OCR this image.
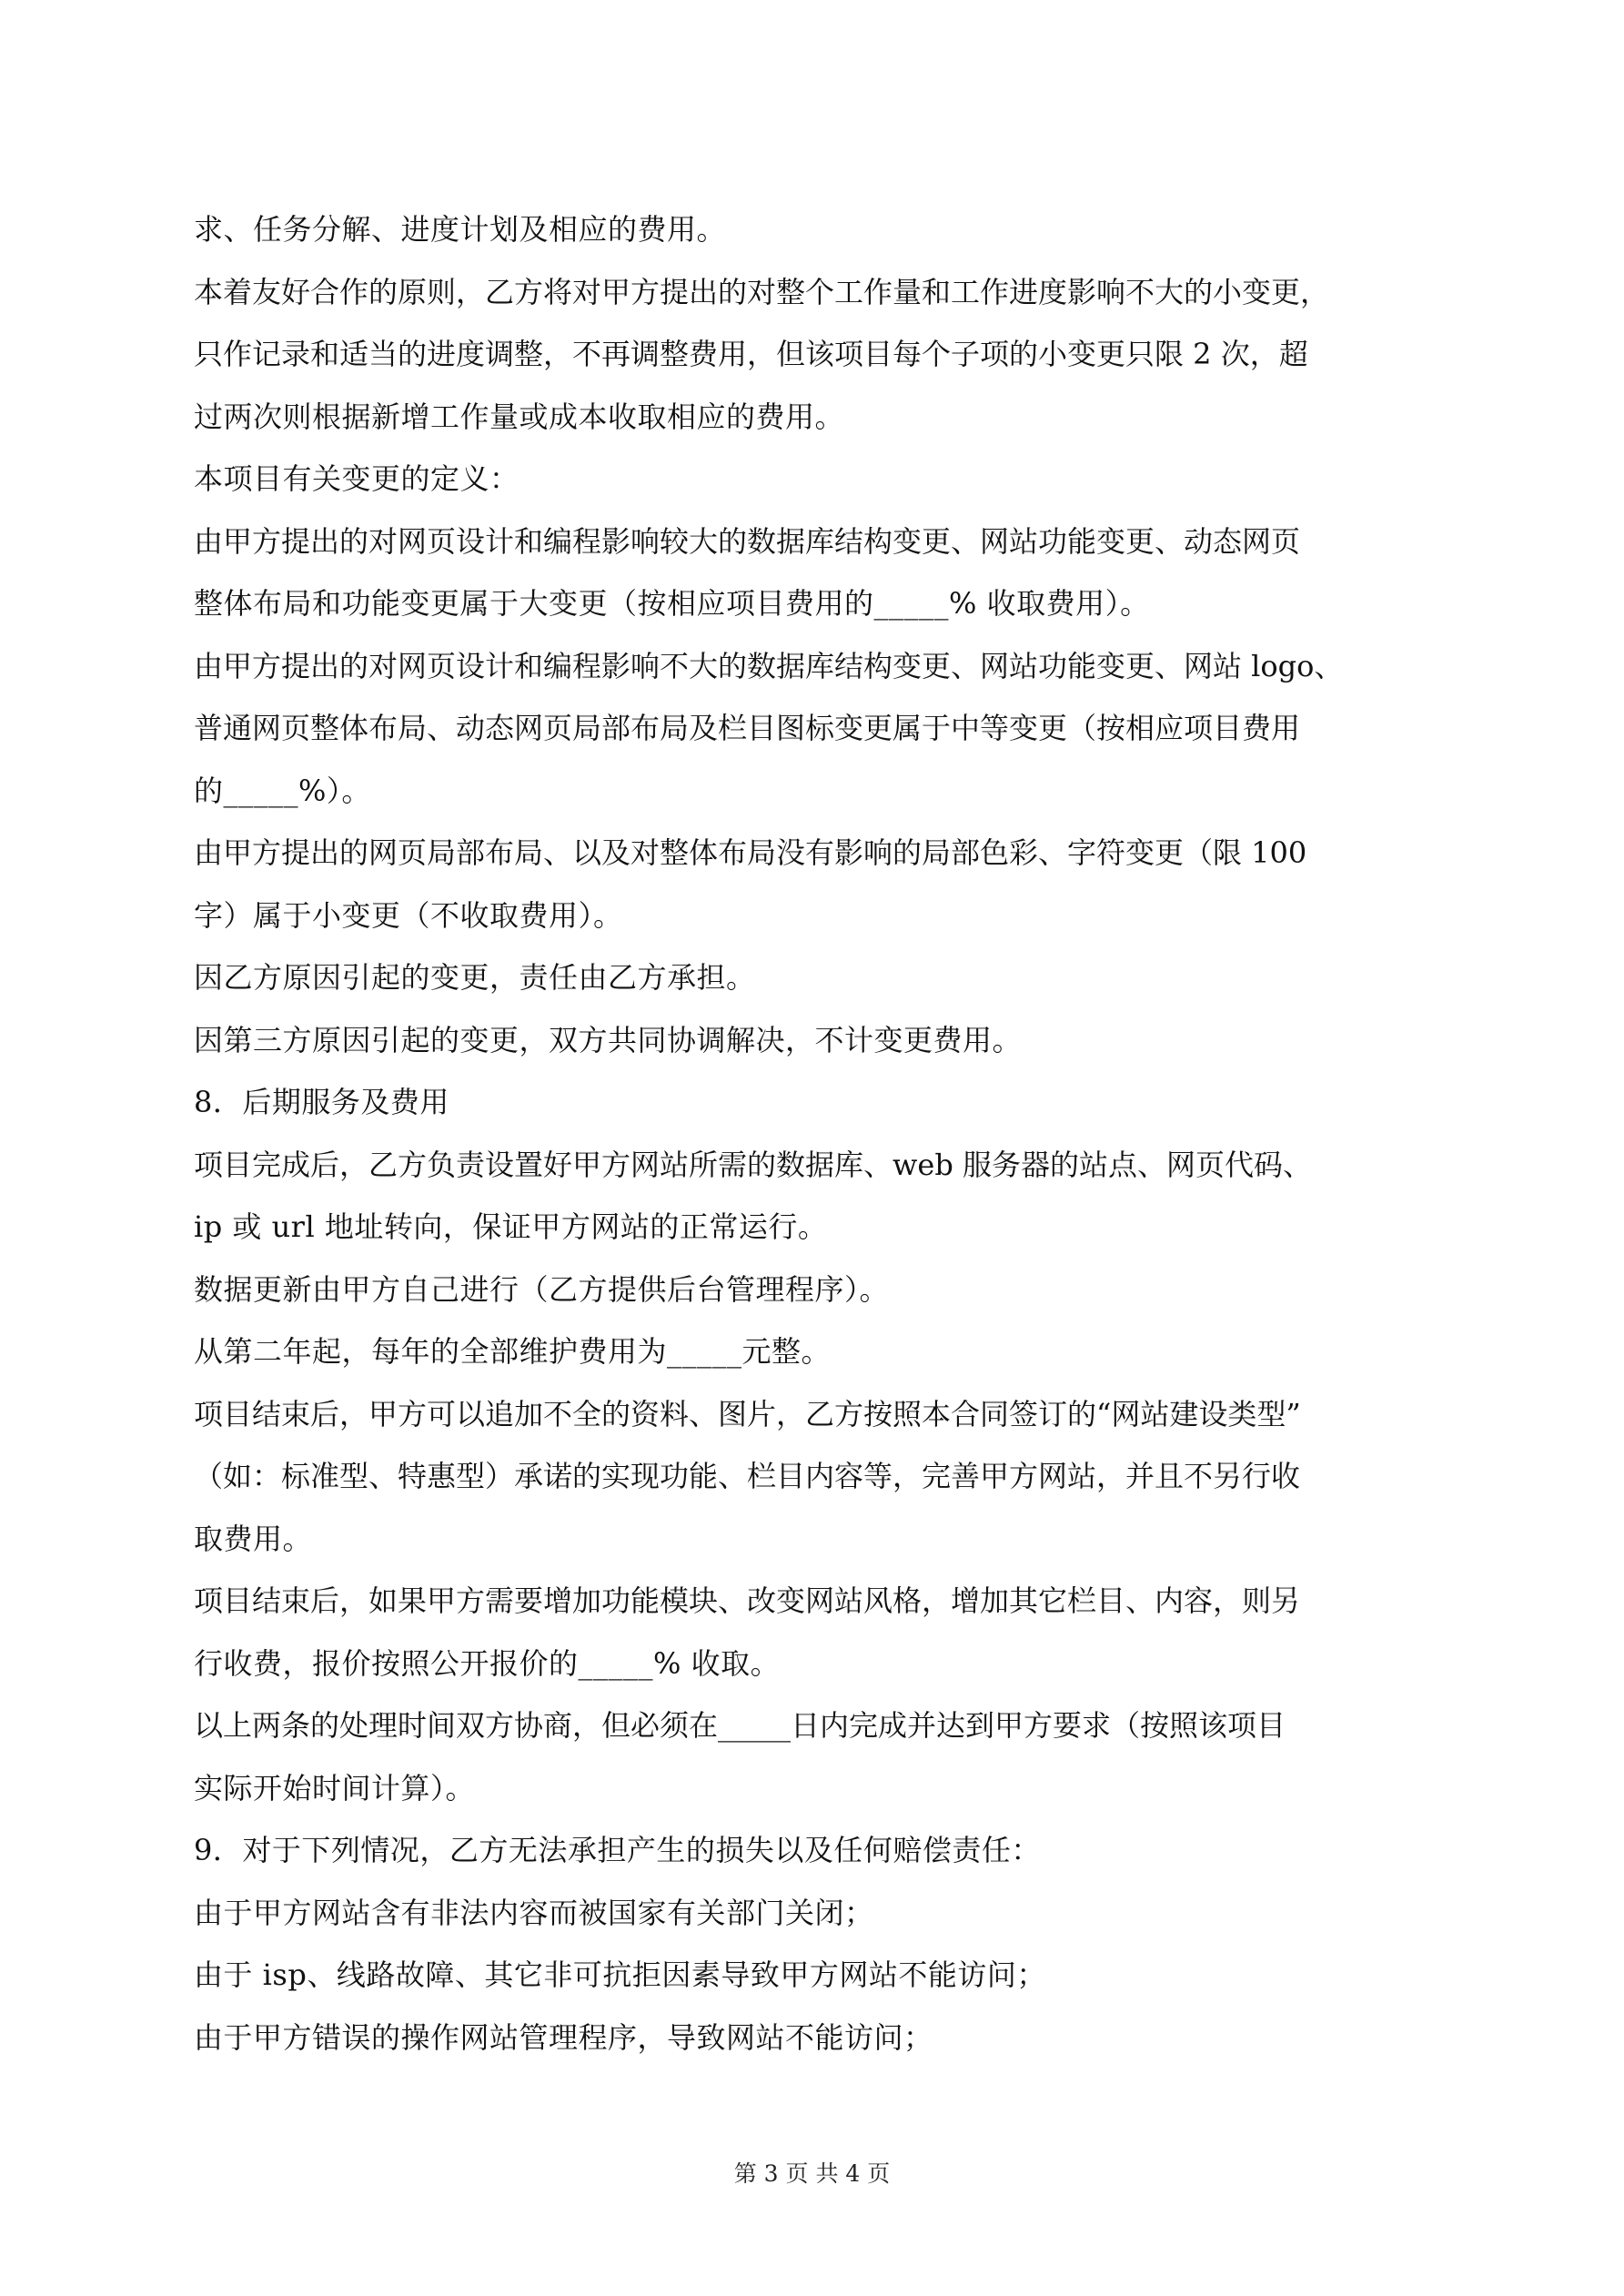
求、任务分解、进度计划及相应的费用。
本着友好合作的原则，乙方将对甲方提出的对整个工作量和工作进度影响不大的小变更，
只作记录和适当的进度调整，不再调整费用，但该项目每个子项的小变更只限 2 次，超
过两次则根据新增工作量或成本收取相应的费用。
本项目有关变更的定义：
由甲方提出的对网页设计和编程影响较大的数据库结构变更、网站功能变更、动态网页
整体布局和功能变更属于大变更（按相应项目费用的_____% 收取费用）。
由甲方提出的对网页设计和编程影响不大的数据库结构变更、网站功能变更、网站 logo、
普通网页整体布局、动态网页局部布局及栏目图标变更属于中等变更（按相应项目费用
的_____%）。
由甲方提出的网页局部布局、以及对整体布局没有影响的局部色彩、字符变更（限 100
字）属于小变更（不收取费用）。
因乙方原因引起的变更，责任由乙方承担。
因第三方原因引起的变更，双方共同协调解决，不计变更费用。
8．后期服务及费用
项目完成后，乙方负责设置好甲方网站所需的数据库、web 服务器的站点、网页代码、
ip 或 url 地址转向，保证甲方网站的正常运行。
数据更新由甲方自己进行（乙方提供后台管理程序）。
从第二年起，每年的全部维护费用为_____元整。
项目结束后，甲方可以追加不全的资料、图片，乙方按照本合同签订的“网站建设类型”
（如：标准型、特惠型）承诺的实现功能、栏目内容等，完善甲方网站，并且不另行收
取费用。
项目结束后，如果甲方需要增加功能模块、改变网站风格，增加其它栏目、内容，则另
行收费，报价按照公开报价的_____% 收取。
以上两条的处理时间双方协商，但必须在_____日内完成并达到甲方要求（按照该项目
实际开始时间计算）。
9．对于下列情况，乙方无法承担产生的损失以及任何赔偿责任：
由于甲方网站含有非法内容而被国家有关部门关闭；
由于 isp、线路故障、其它非可抗拒因素导致甲方网站不能访问；
由于甲方错误的操作网站管理程序，导致网站不能访问；
第 3 页 共 4 页
